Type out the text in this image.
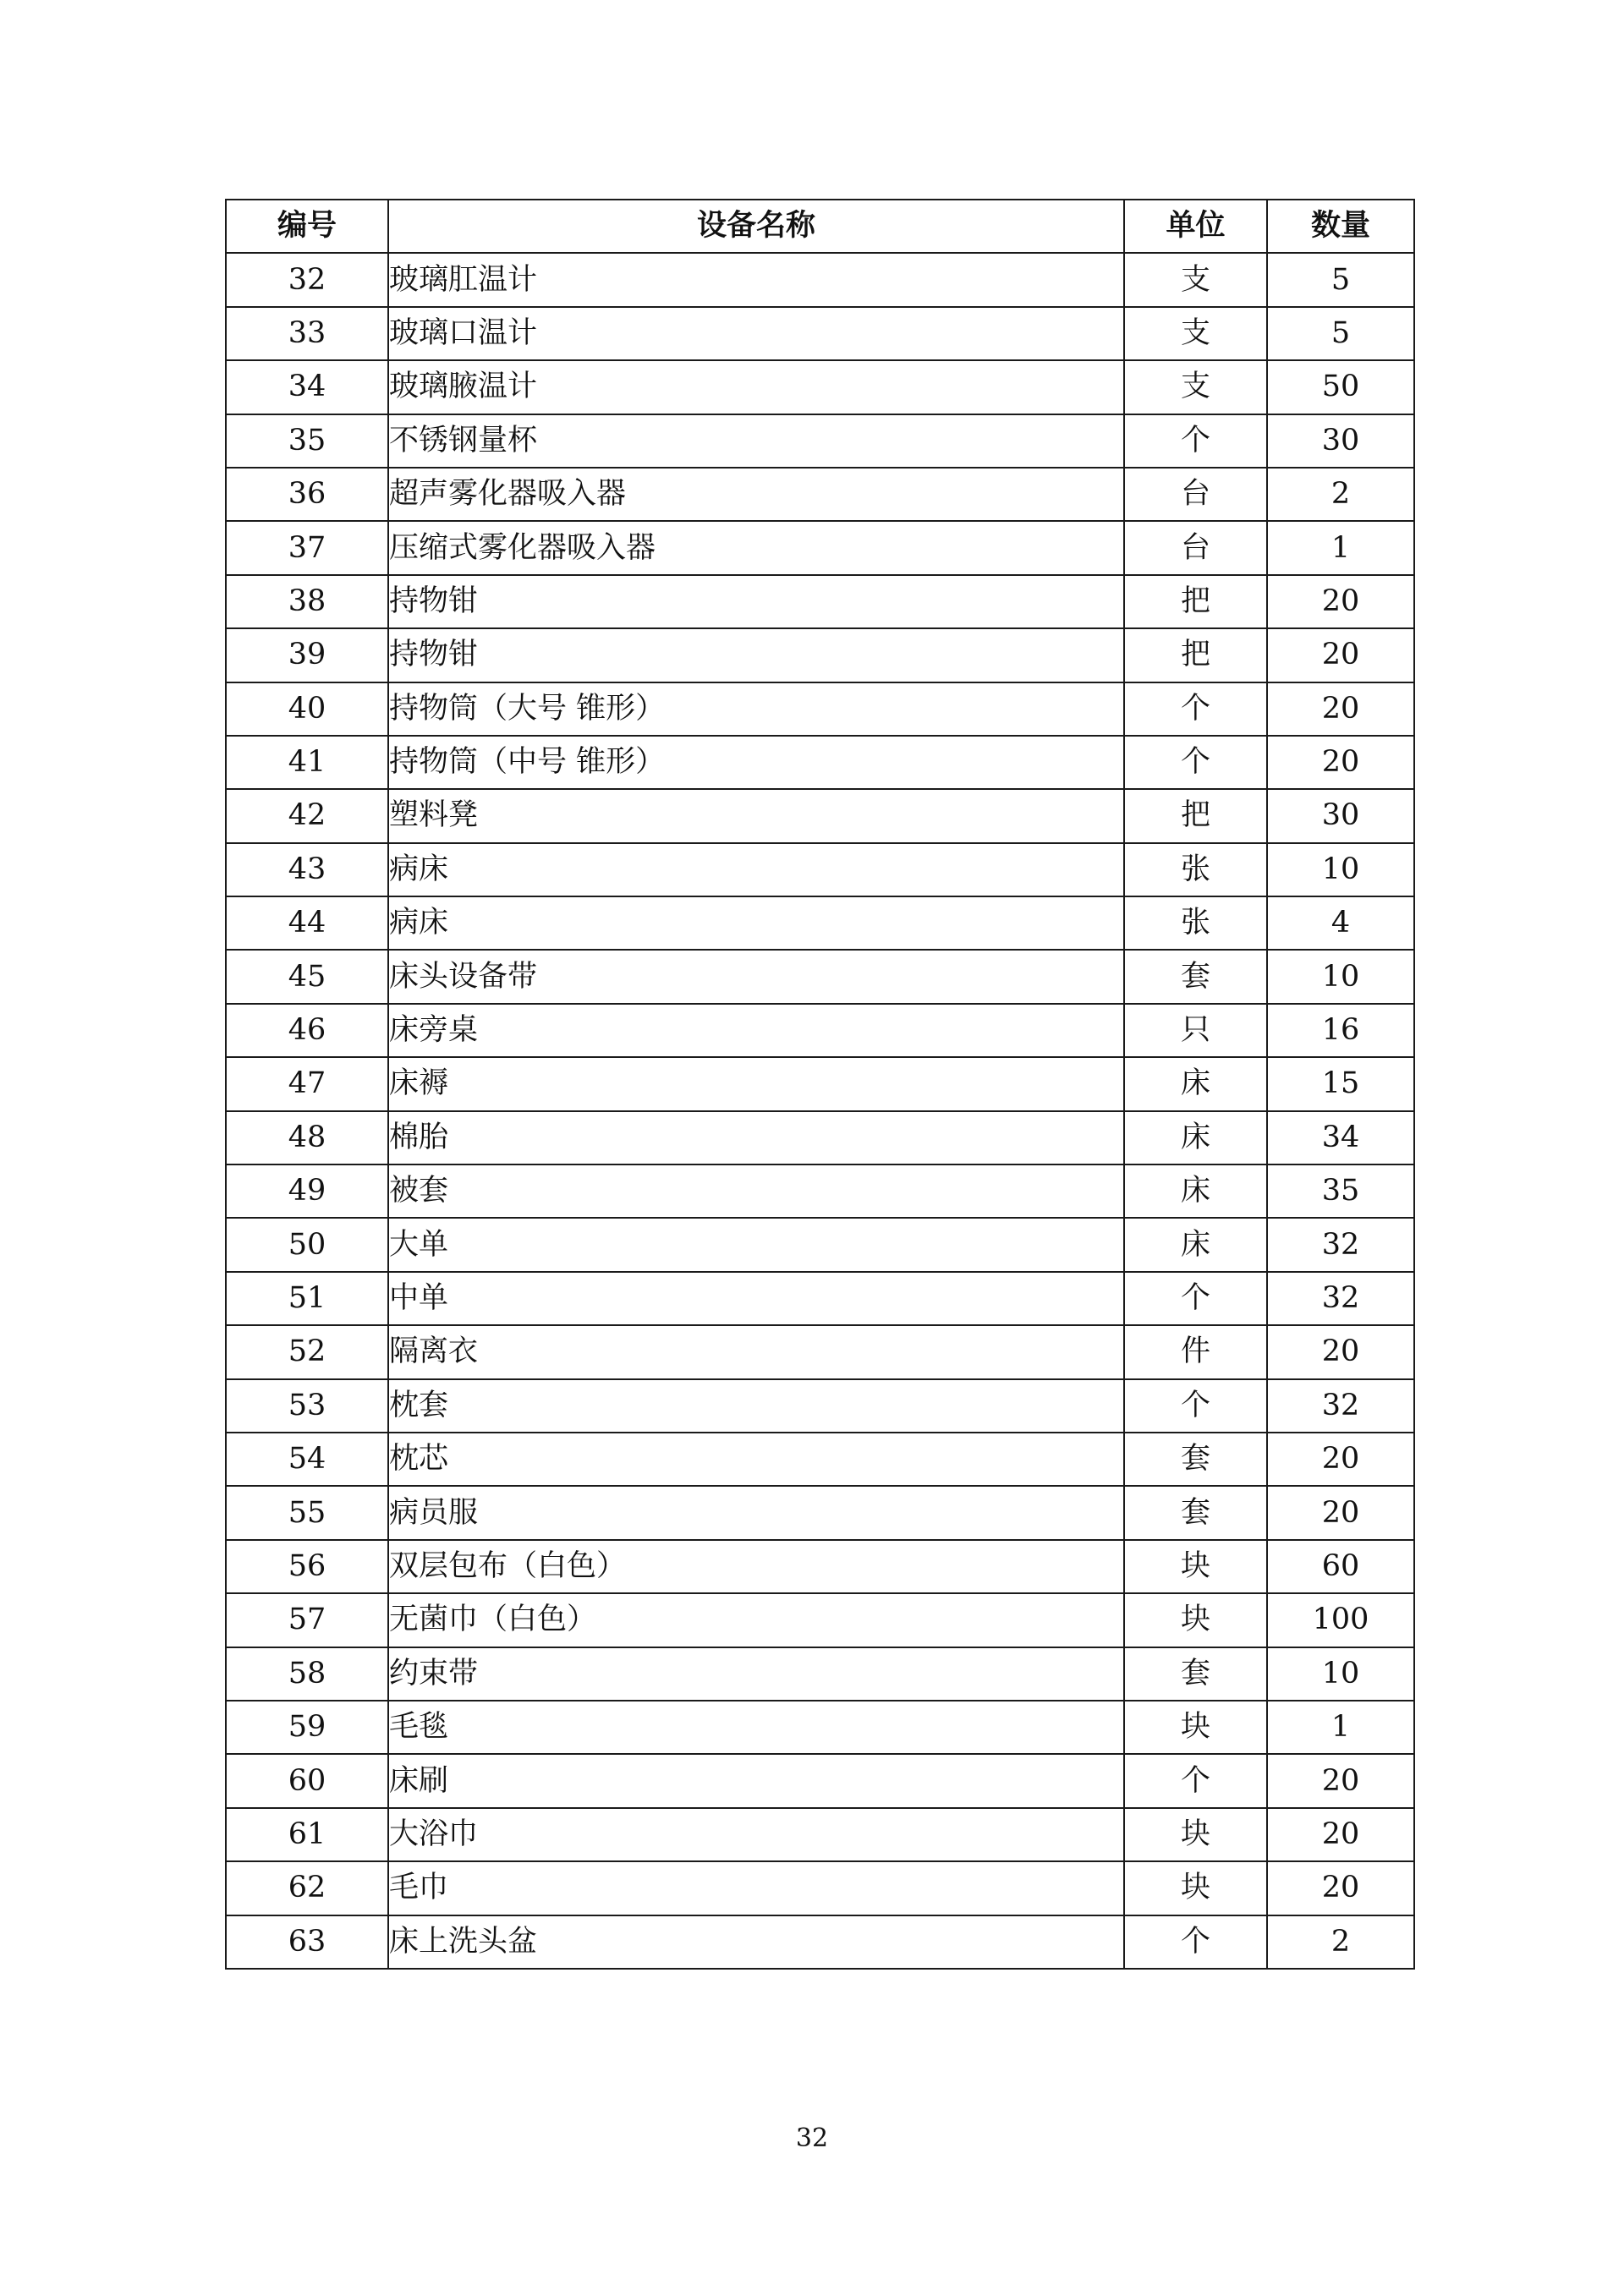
编号	设备名称	单位	数量
32	玻璃肛温计	支	5
33	玻璃口温计	支	5
34	玻璃腋温计	支	50
35	不锈钢量杯	个	30
36	超声雾化器吸入器	台	2
37	压缩式雾化器吸入器	台	1
38	持物钳	把	20
39	持物钳	把	20
40	持物筒（大号 锥形）	个	20
41	持物筒（中号 锥形）	个	20
42	塑料凳	把	30
43	病床	张	10
44	病床	张	4
45	床头设备带	套	10
46	床旁桌	只	16
47	床褥	床	15
48	棉胎	床	34
49	被套	床	35
50	大单	床	32
51	中单	个	32
52	隔离衣	件	20
53	枕套	个	32
54	枕芯	套	20
55	病员服	套	20
56	双层包布（白色）	块	60
57	无菌巾（白色）	块	100
58	约束带	套	10
59	毛毯	块	1
60	床刷	个	20
61	大浴巾	块	20
62	毛巾	块	20
63	床上洗头盆	个	2
32
